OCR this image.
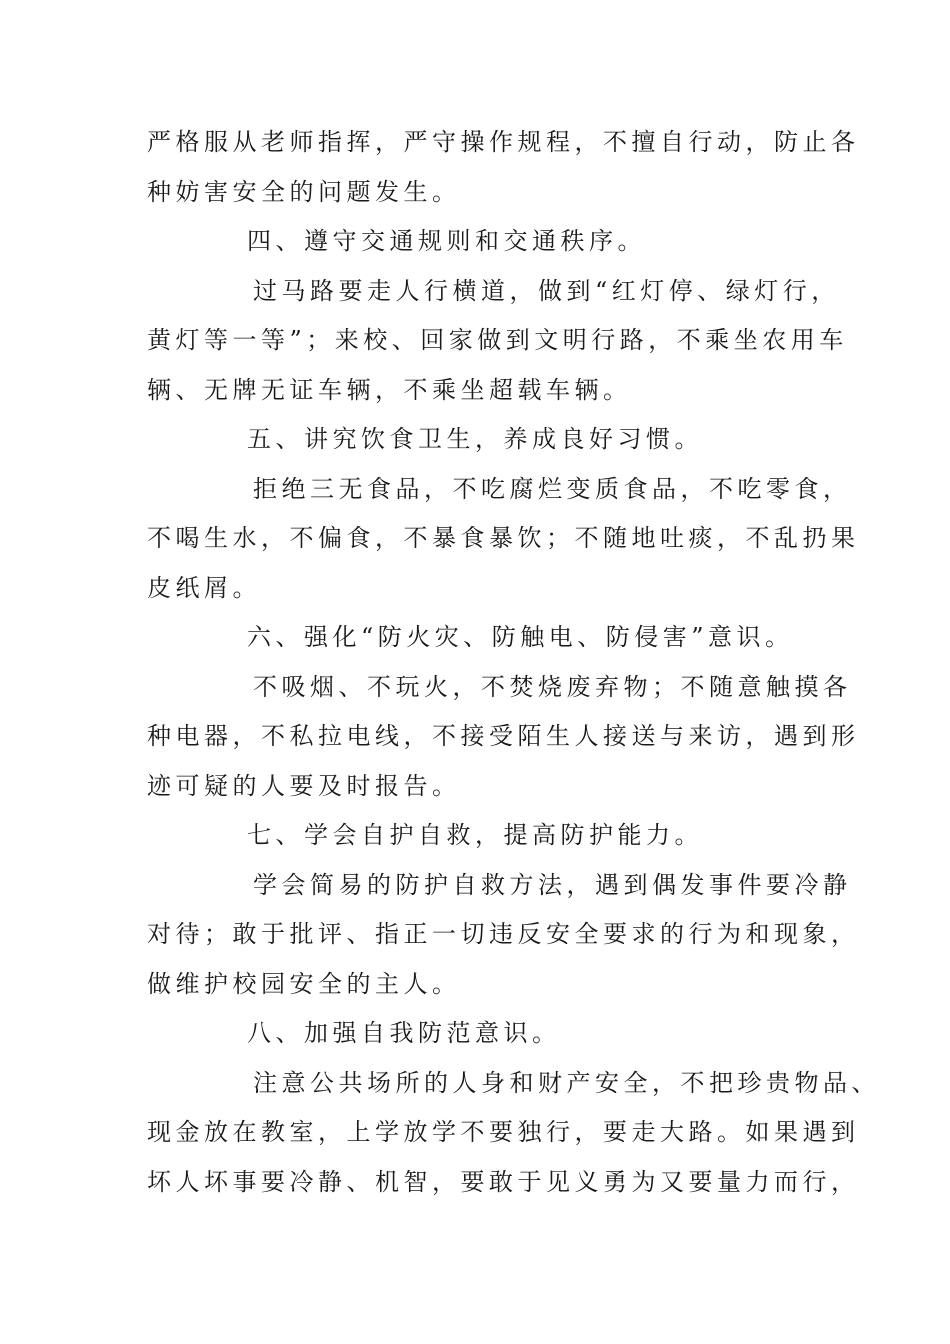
严格服从老师指挥，严守操作规程，不擅自行动，防止各
种妨害安全的问题发生。
四、遵守交通规则和交通秩序。
过马路要走人行横道，做到“红灯停、绿灯行，
黄灯等一等”；来校、回家做到文明行路，不乘坐农用车
辆、无牌无证车辆，不乘坐超载车辆。
五、讲究饮食卫生，养成良好习惯。
拒绝三无食品，不吃腐烂变质食品，不吃零食，
不喝生水，不偏食，不暴食暴饮；不随地吐痰，不乱扔果
皮纸屑。
六、强化“防火灾、防触电、防侵害”意识。
不吸烟、不玩火，不焚烧废弃物；不随意触摸各
种电器，不私拉电线，不接受陌生人接送与来访，遇到形
迹可疑的人要及时报告。
七、学会自护自救，提高防护能力。
学会简易的防护自救方法，遇到偶发事件要冷静
对待；敢于批评、指正一切违反安全要求的行为和现象，
做维护校园安全的主人。
八、加强自我防范意识。
注意公共场所的人身和财产安全，不把珍贵物品、
现金放在教室，上学放学不要独行，要走大路。如果遇到
坏人坏事要冷静、机智，要敢于见义勇为又要量力而行，
